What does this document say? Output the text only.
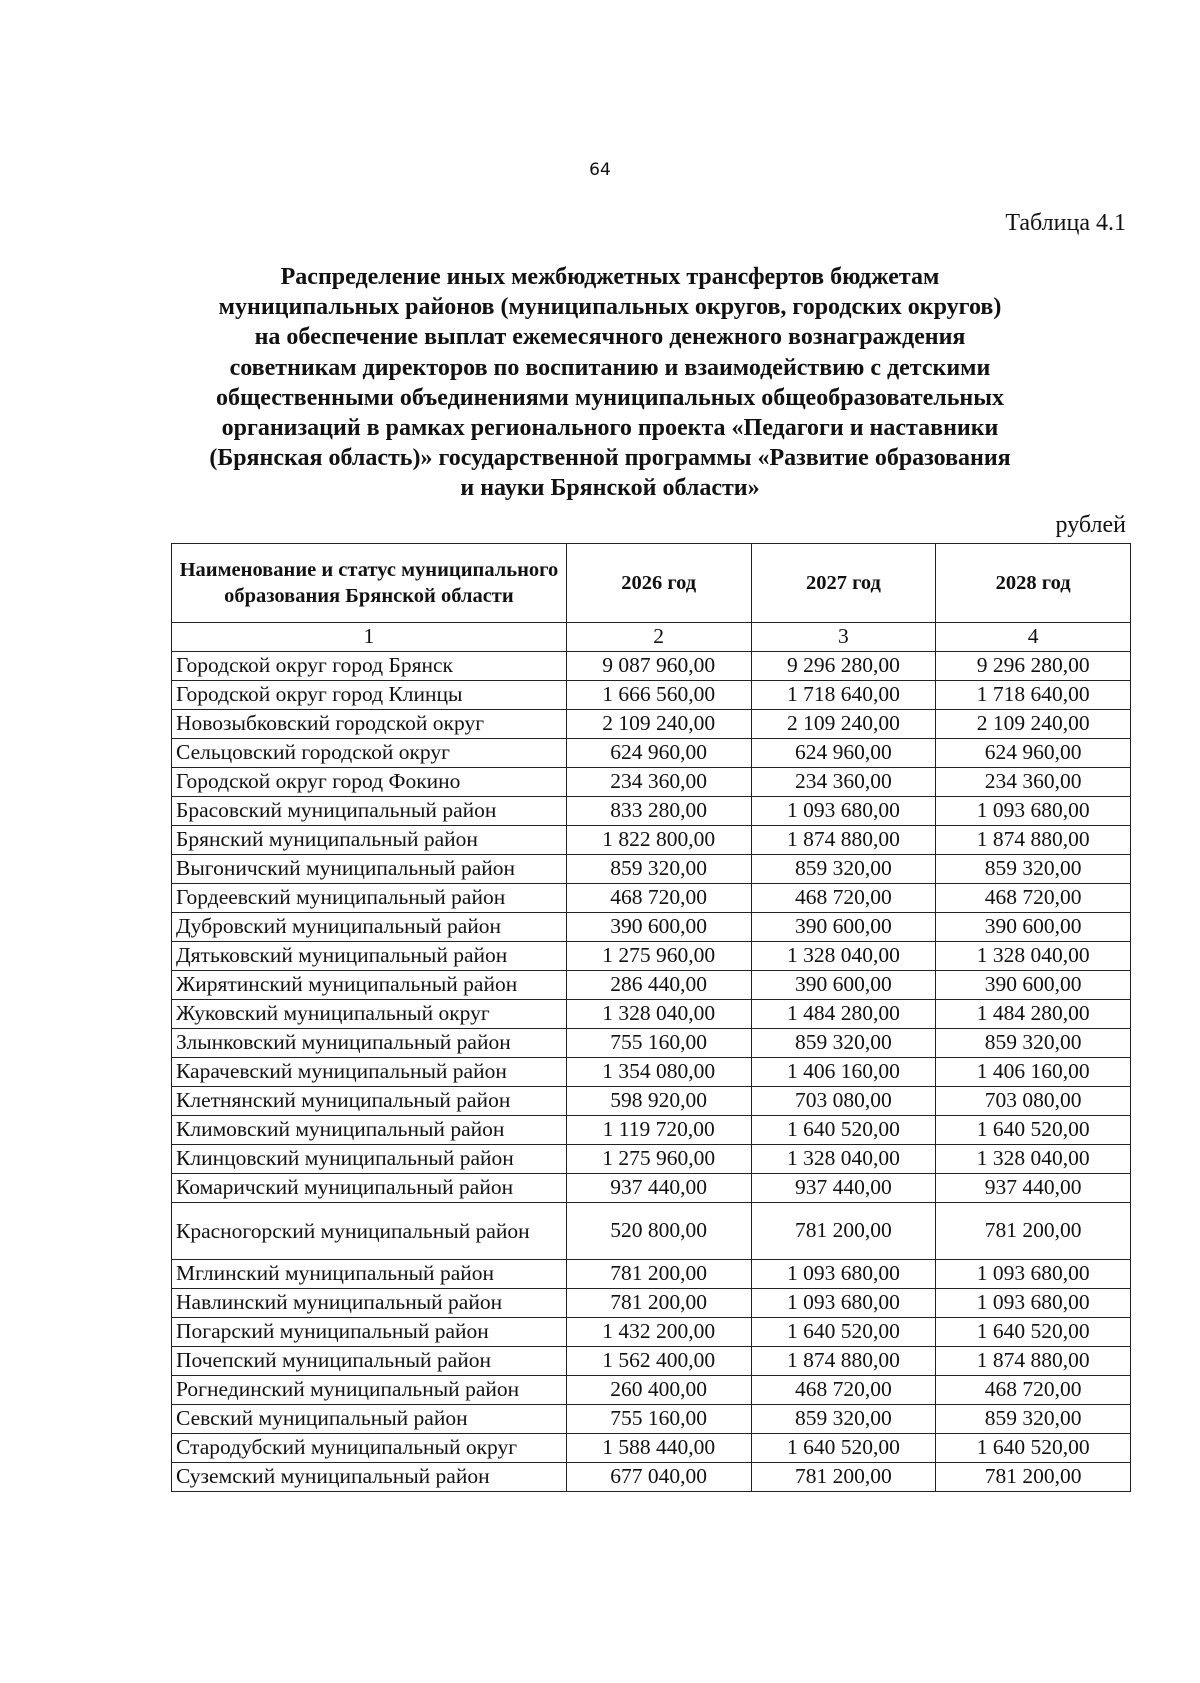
64
Таблица 4.1
Распределение иных межбюджетных трансфертов бюджетам
муниципальных районов (муниципальных округов, городских округов)
на обеспечение выплат ежемесячного денежного вознаграждения
советникам директоров по воспитанию и взаимодействию с детскими
общественными объединениями муниципальных общеобразовательных
организаций в рамках регионального проекта «Педагоги и наставники
(Брянская область)» государственной программы «Развитие образования
и науки Брянской области»
рублей
Наименование и статус муниципального образования Брянской области	2026 год	2027 год	2028 год
1	2	3	4
Городской округ город Брянск	9 087 960,00	9 296 280,00	9 296 280,00
Городской округ город Клинцы	1 666 560,00	1 718 640,00	1 718 640,00
Новозыбковский городской округ	2 109 240,00	2 109 240,00	2 109 240,00
Сельцовский городской округ	624 960,00	624 960,00	624 960,00
Городской округ город Фокино	234 360,00	234 360,00	234 360,00
Брасовский муниципальный район	833 280,00	1 093 680,00	1 093 680,00
Брянский муниципальный район	1 822 800,00	1 874 880,00	1 874 880,00
Выгоничский муниципальный район	859 320,00	859 320,00	859 320,00
Гордеевский муниципальный район	468 720,00	468 720,00	468 720,00
Дубровский муниципальный район	390 600,00	390 600,00	390 600,00
Дятьковский муниципальный район	1 275 960,00	1 328 040,00	1 328 040,00
Жирятинский муниципальный район	286 440,00	390 600,00	390 600,00
Жуковский муниципальный округ	1 328 040,00	1 484 280,00	1 484 280,00
Злынковский муниципальный район	755 160,00	859 320,00	859 320,00
Карачевский муниципальный район	1 354 080,00	1 406 160,00	1 406 160,00
Клетнянский муниципальный район	598 920,00	703 080,00	703 080,00
Климовский муниципальный район	1 119 720,00	1 640 520,00	1 640 520,00
Клинцовский муниципальный район	1 275 960,00	1 328 040,00	1 328 040,00
Комаричский муниципальный район	937 440,00	937 440,00	937 440,00
Красногорский муниципальный район	520 800,00	781 200,00	781 200,00
Мглинский муниципальный район	781 200,00	1 093 680,00	1 093 680,00
Навлинский муниципальный район	781 200,00	1 093 680,00	1 093 680,00
Погарский муниципальный район	1 432 200,00	1 640 520,00	1 640 520,00
Почепский муниципальный район	1 562 400,00	1 874 880,00	1 874 880,00
Рогнединский муниципальный район	260 400,00	468 720,00	468 720,00
Севский муниципальный район	755 160,00	859 320,00	859 320,00
Стародубский муниципальный округ	1 588 440,00	1 640 520,00	1 640 520,00
Суземский муниципальный район	677 040,00	781 200,00	781 200,00
